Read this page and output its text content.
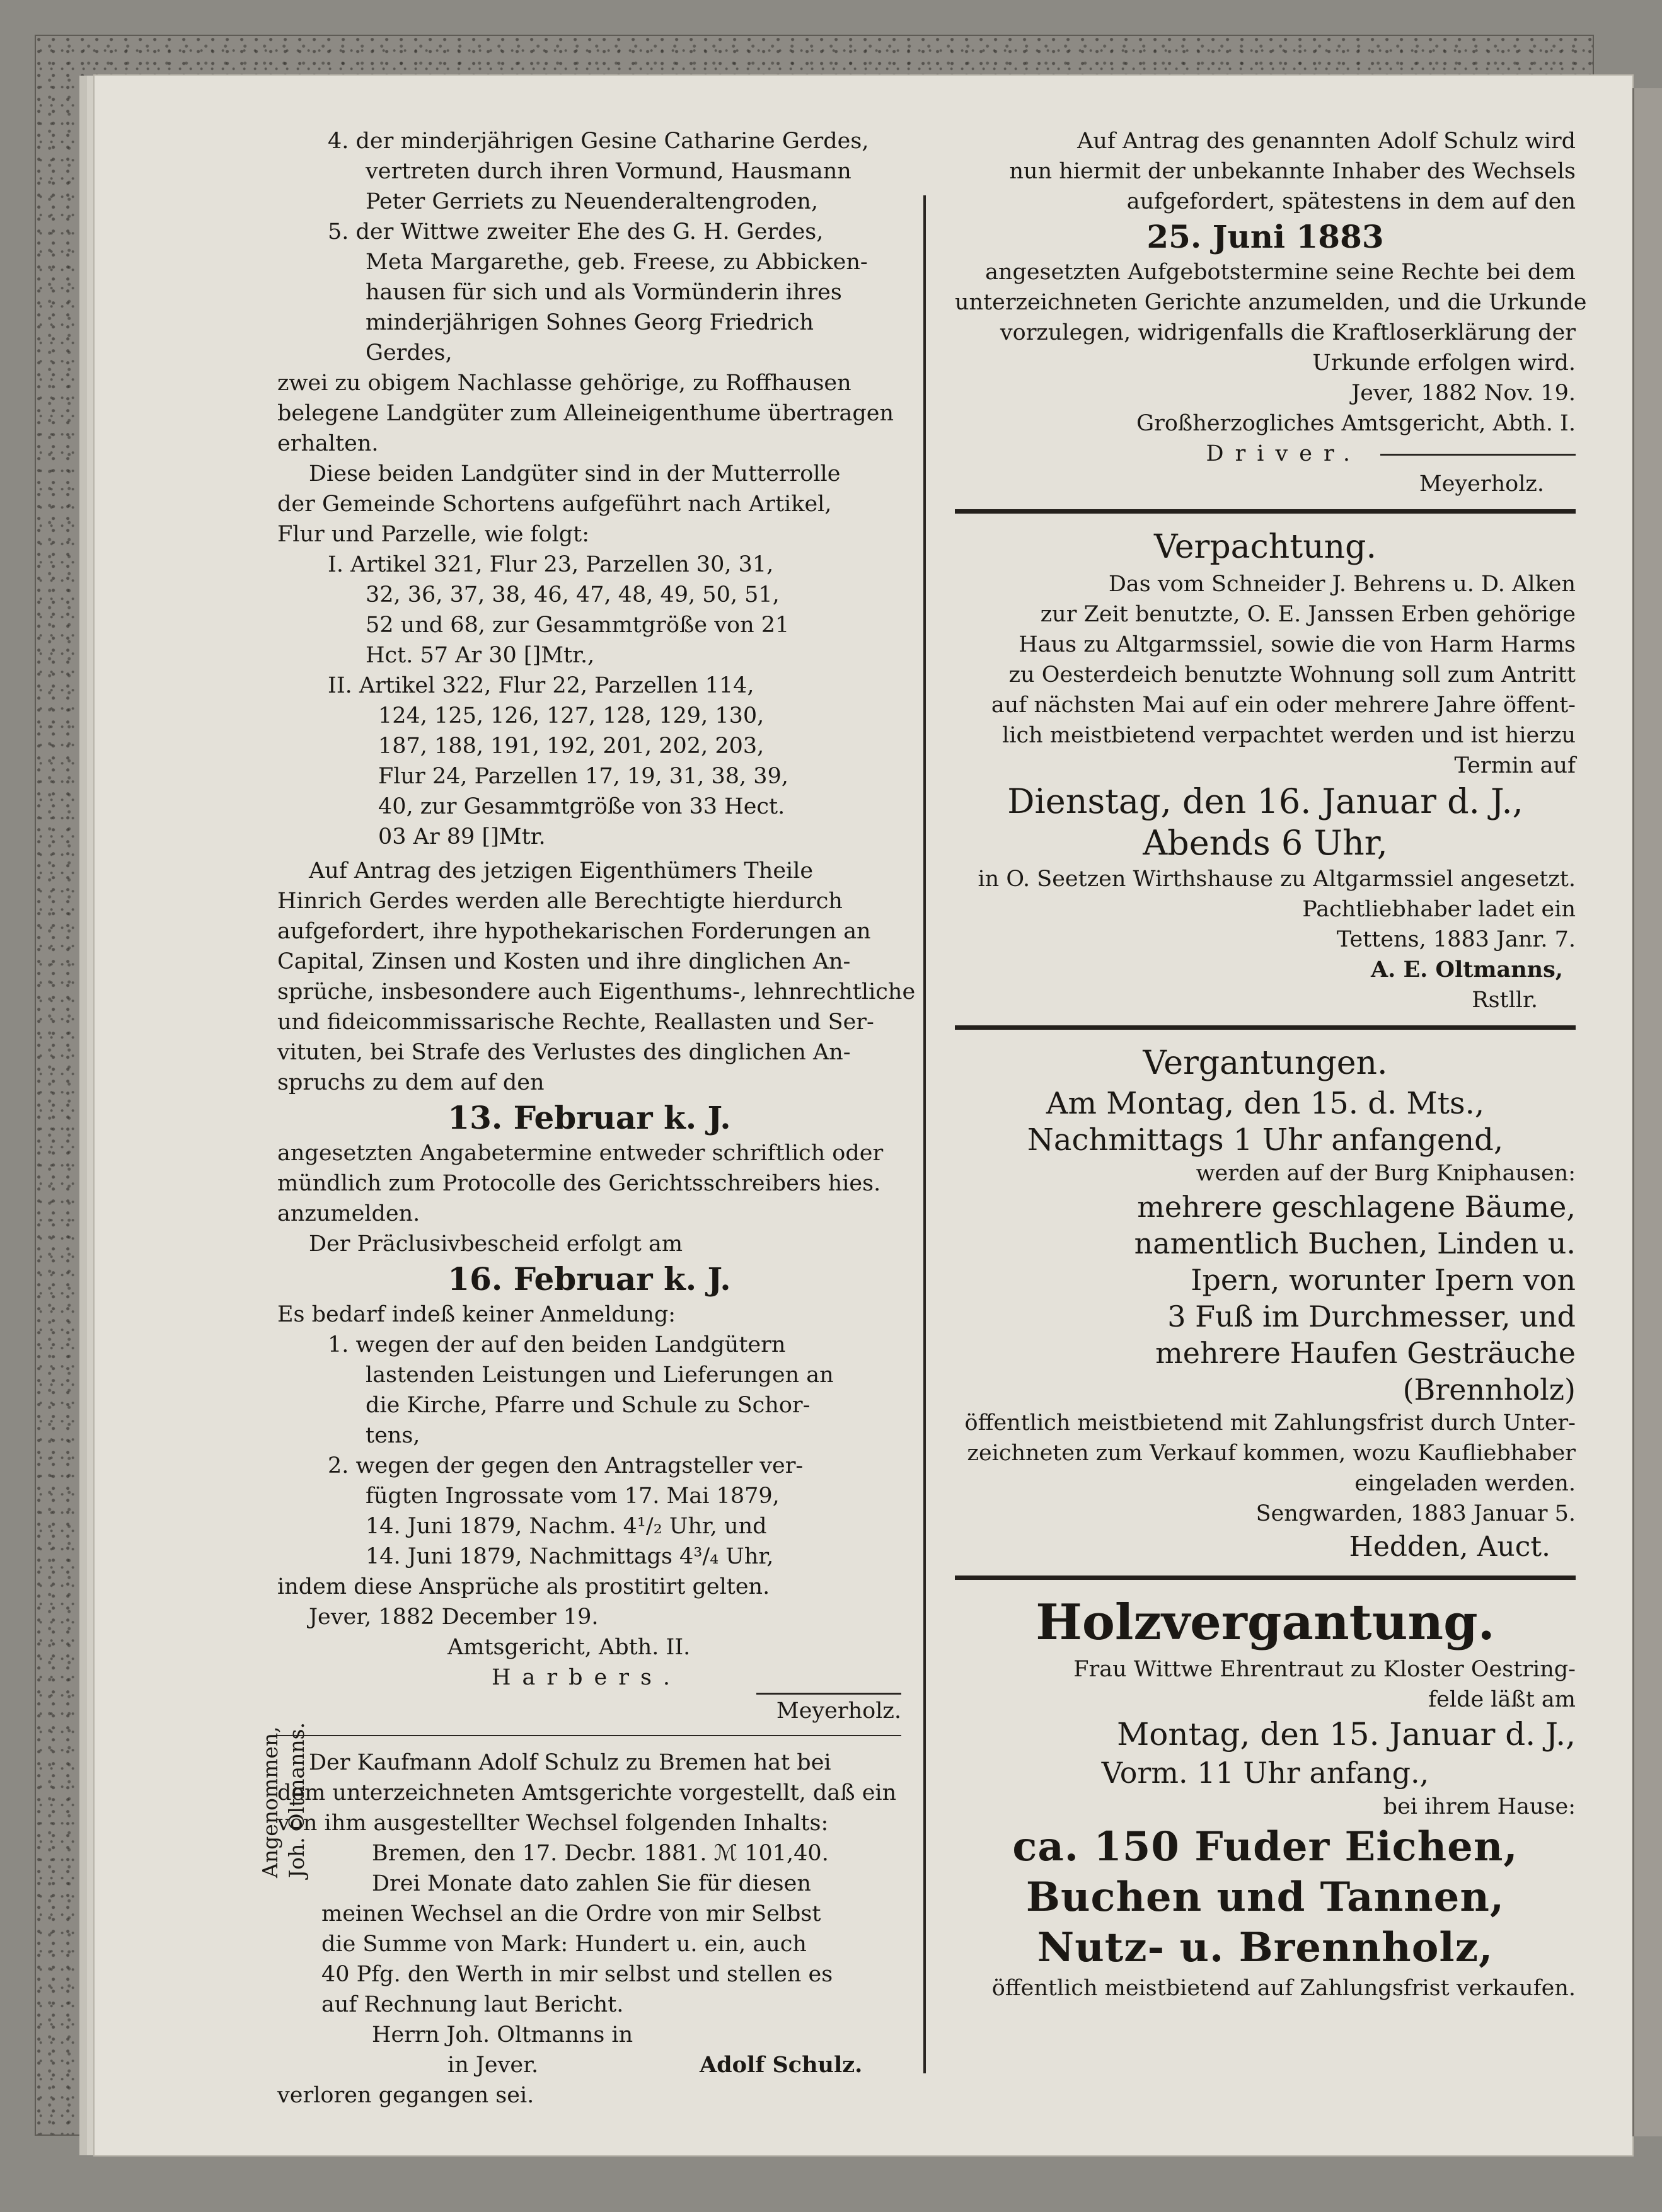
4. der minderjährigen Gesine Catharine Gerdes,
vertreten durch ihren Vormund, Hausmann
Peter Gerriets zu Neuenderaltengroden,
5. der Wittwe zweiter Ehe des G. H. Gerdes,
Meta Margarethe, geb. Freese, zu Abbicken-
hausen für sich und als Vormünderin ihres
minderjährigen Sohnes Georg Friedrich
Gerdes,
zwei zu obigem Nachlasse gehörige, zu Roffhausen
belegene Landgüter zum Alleineigenthume übertragen
erhalten.
Diese beiden Landgüter sind in der Mutterrolle
der Gemeinde Schortens aufgeführt nach Artikel,
Flur und Parzelle, wie folgt:
I. Artikel 321, Flur 23, Parzellen 30, 31,
32, 36, 37, 38, 46, 47, 48, 49, 50, 51,
52 und 68, zur Gesammtgröße von 21
Hct. 57 Ar 30 []Mtr.,
II. Artikel 322, Flur 22, Parzellen 114,
124, 125, 126, 127, 128, 129, 130,
187, 188, 191, 192, 201, 202, 203,
Flur 24, Parzellen 17, 19, 31, 38, 39,
40, zur Gesammtgröße von 33 Hect.
03 Ar 89 []Mtr.
Auf Antrag des jetzigen Eigenthümers Theile
Hinrich Gerdes werden alle Berechtigte hierdurch
aufgefordert, ihre hypothekarischen Forderungen an
Capital, Zinsen und Kosten und ihre dinglichen An-
sprüche, insbesondere auch Eigenthums-, lehnrechtliche
und fideicommissarische Rechte, Reallasten und Ser-
vituten, bei Strafe des Verlustes des dinglichen An-
spruchs zu dem auf den
13. Februar k. J.
angesetzten Angabetermine entweder schriftlich oder
mündlich zum Protocolle des Gerichtsschreibers hies.
anzumelden.
Der Präclusivbescheid erfolgt am
16. Februar k. J.
Es bedarf indeß keiner Anmeldung:
1. wegen der auf den beiden Landgütern
lastenden Leistungen und Lieferungen an
die Kirche, Pfarre und Schule zu Schor-
tens,
2. wegen der gegen den Antragsteller ver-
fügten Ingrossate vom 17. Mai 1879,
14. Juni 1879, Nachm. 4¹/₂ Uhr, und
14. Juni 1879, Nachmittags 4³/₄ Uhr,
indem diese Ansprüche als prostitirt gelten.
Jever, 1882 December 19.
Amtsgericht, Abth. II.
Harbers.
Meyerholz.
Der Kaufmann Adolf Schulz zu Bremen hat bei
dem unterzeichneten Amtsgerichte vorgestellt, daß ein
von ihm ausgestellter Wechsel folgenden Inhalts:
Bremen, den 17. Decbr. 1881. ℳ 101,40.
Drei Monate dato zahlen Sie für diesen
meinen Wechsel an die Ordre von mir Selbst
die Summe von Mark: Hundert u. ein, auch
40 Pfg. den Werth in mir selbst und stellen es
auf Rechnung laut Bericht.
Herrn Joh. Oltmanns in
in Jever.	Adolf Schulz.
verloren gegangen sei.
Angenommen, Joh. Oltmanns.
Auf Antrag des genannten Adolf Schulz wird
nun hiermit der unbekannte Inhaber des Wechsels
aufgefordert, spätestens in dem auf den
25. Juni 1883
angesetzten Aufgebotstermine seine Rechte bei dem
unterzeichneten Gerichte anzumelden, und die Urkunde
vorzulegen, widrigenfalls die Kraftloserklärung der
Urkunde erfolgen wird.
Jever, 1882 Nov. 19.
Großherzogliches Amtsgericht, Abth. I.
Driver.
Meyerholz.
Verpachtung.
Das vom Schneider J. Behrens u. D. Alken
zur Zeit benutzte, O. E. Janssen Erben gehörige
Haus zu Altgarmssiel, sowie die von Harm Harms
zu Oesterdeich benutzte Wohnung soll zum Antritt
auf nächsten Mai auf ein oder mehrere Jahre öffent-
lich meistbietend verpachtet werden und ist hierzu
Termin auf
Dienstag, den 16. Januar d. J.,
Abends 6 Uhr,
in O. Seetzen Wirthshause zu Altgarmssiel angesetzt.
Pachtliebhaber ladet ein
Tettens, 1883 Janr. 7.
A. E. Oltmanns,
Rstllr.
Vergantungen.
Am Montag, den 15. d. Mts.,
Nachmittags 1 Uhr anfangend,
werden auf der Burg Kniphausen:
mehrere geschlagene Bäume,
namentlich Buchen, Linden u.
Ipern, worunter Ipern von
3 Fuß im Durchmesser, und
mehrere Haufen Gesträuche
(Brennholz)
öffentlich meistbietend mit Zahlungsfrist durch Unter-
zeichneten zum Verkauf kommen, wozu Kaufliebhaber
eingeladen werden.
Sengwarden, 1883 Januar 5.
Hedden, Auct.
Holzvergantung.
Frau Wittwe Ehrentraut zu Kloster Oestring-
felde läßt am
Montag, den 15. Januar d. J.,
Vorm. 11 Uhr anfang.,
bei ihrem Hause:
ca. 150 Fuder Eichen,
Buchen und Tannen,
Nutz- u. Brennholz,
öffentlich meistbietend auf Zahlungsfrist verkaufen.
